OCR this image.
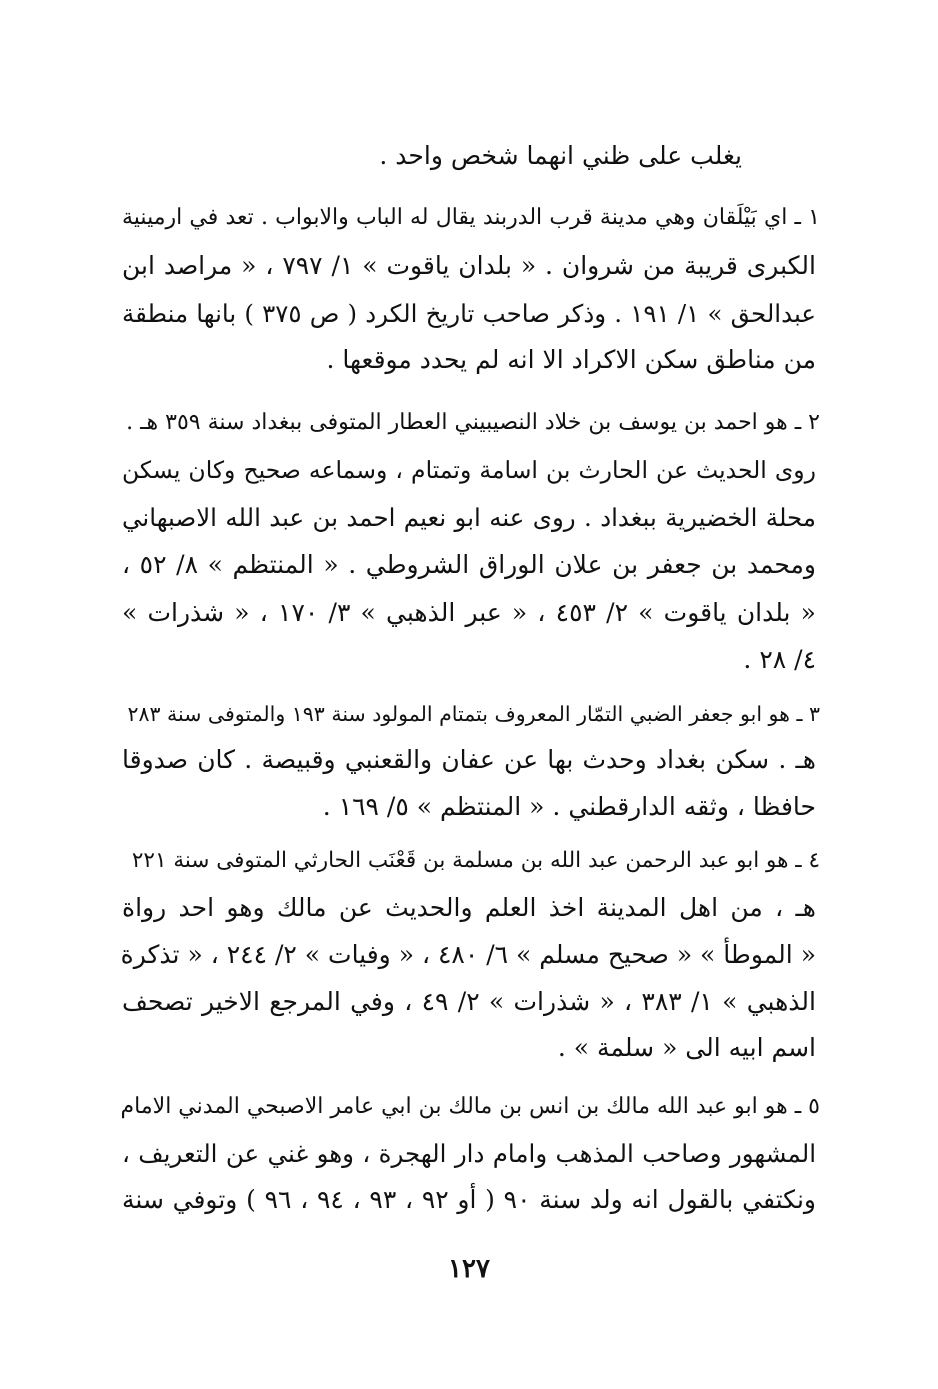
يغلب على ظني انهما شخص واحد .
١ ـ اي بَيْلَقان وهي مدينة قرب الدربند يقال له الباب والابواب . تعد في ارمينية
الكبرى قريبة من شروان . « بلدان ياقوت » ١/ ٧٩٧ ، « مراصد ابن
عبدالحق » ١/ ١٩١ . وذكر صاحب تاريخ الكرد ( ص ٣٧٥ ) بانها منطقة
من مناطق سكن الاكراد الا انه لم يحدد موقعها .
٢ ـ هو احمد بن يوسف بن خلاد النصيبيني العطار المتوفى ببغداد سنة ٣٥٩ هـ .
روى الحديث عن الحارث بن اسامة وتمتام ، وسماعه صحيح وكان يسكن
محلة الخضيرية ببغداد . روى عنه ابو نعيم احمد بن عبد الله الاصبهاني
ومحمد بن جعفر بن علان الوراق الشروطي . « المنتظم » ٨/ ٥٢ ،
« بلدان ياقوت » ٢/ ٤٥٣ ، « عبر الذهبي » ٣/ ١٧٠ ، « شذرات »
٤/ ٢٨ .
٣ ـ هو ابو جعفر الضبي التمّار المعروف بتمتام المولود سنة ١٩٣ والمتوفى سنة ٢٨٣
هـ . سكن بغداد وحدث بها عن عفان والقعنبي وقبيصة . كان صدوقا
حافظا ، وثقه الدارقطني . « المنتظم » ٥/ ١٦٩ .
٤ ـ هو ابو عبد الرحمن عبد الله بن مسلمة بن قَعْنَب الحارثي المتوفى سنة ٢٢١
هـ ، من اهل المدينة اخذ العلم والحديث عن مالك وهو احد رواة
« الموطأ » « صحيح مسلم » ٦/ ٤٨٠ ، « وفيات » ٢/ ٢٤٤ ، « تذكرة
الذهبي » ١/ ٣٨٣ ، « شذرات » ٢/ ٤٩ ، وفي المرجع الاخير تصحف
اسم ابيه الى « سلمة » .
٥ ـ هو ابو عبد الله مالك بن انس بن مالك بن ابي عامر الاصبحي المدني الامام
المشهور وصاحب المذهب وامام دار الهجرة ، وهو غني عن التعريف ،
ونكتفي بالقول انه ولد سنة ٩٠ ( أو ٩٢ ، ٩٣ ، ٩٤ ، ٩٦ ) وتوفي سنة
١٢٧
